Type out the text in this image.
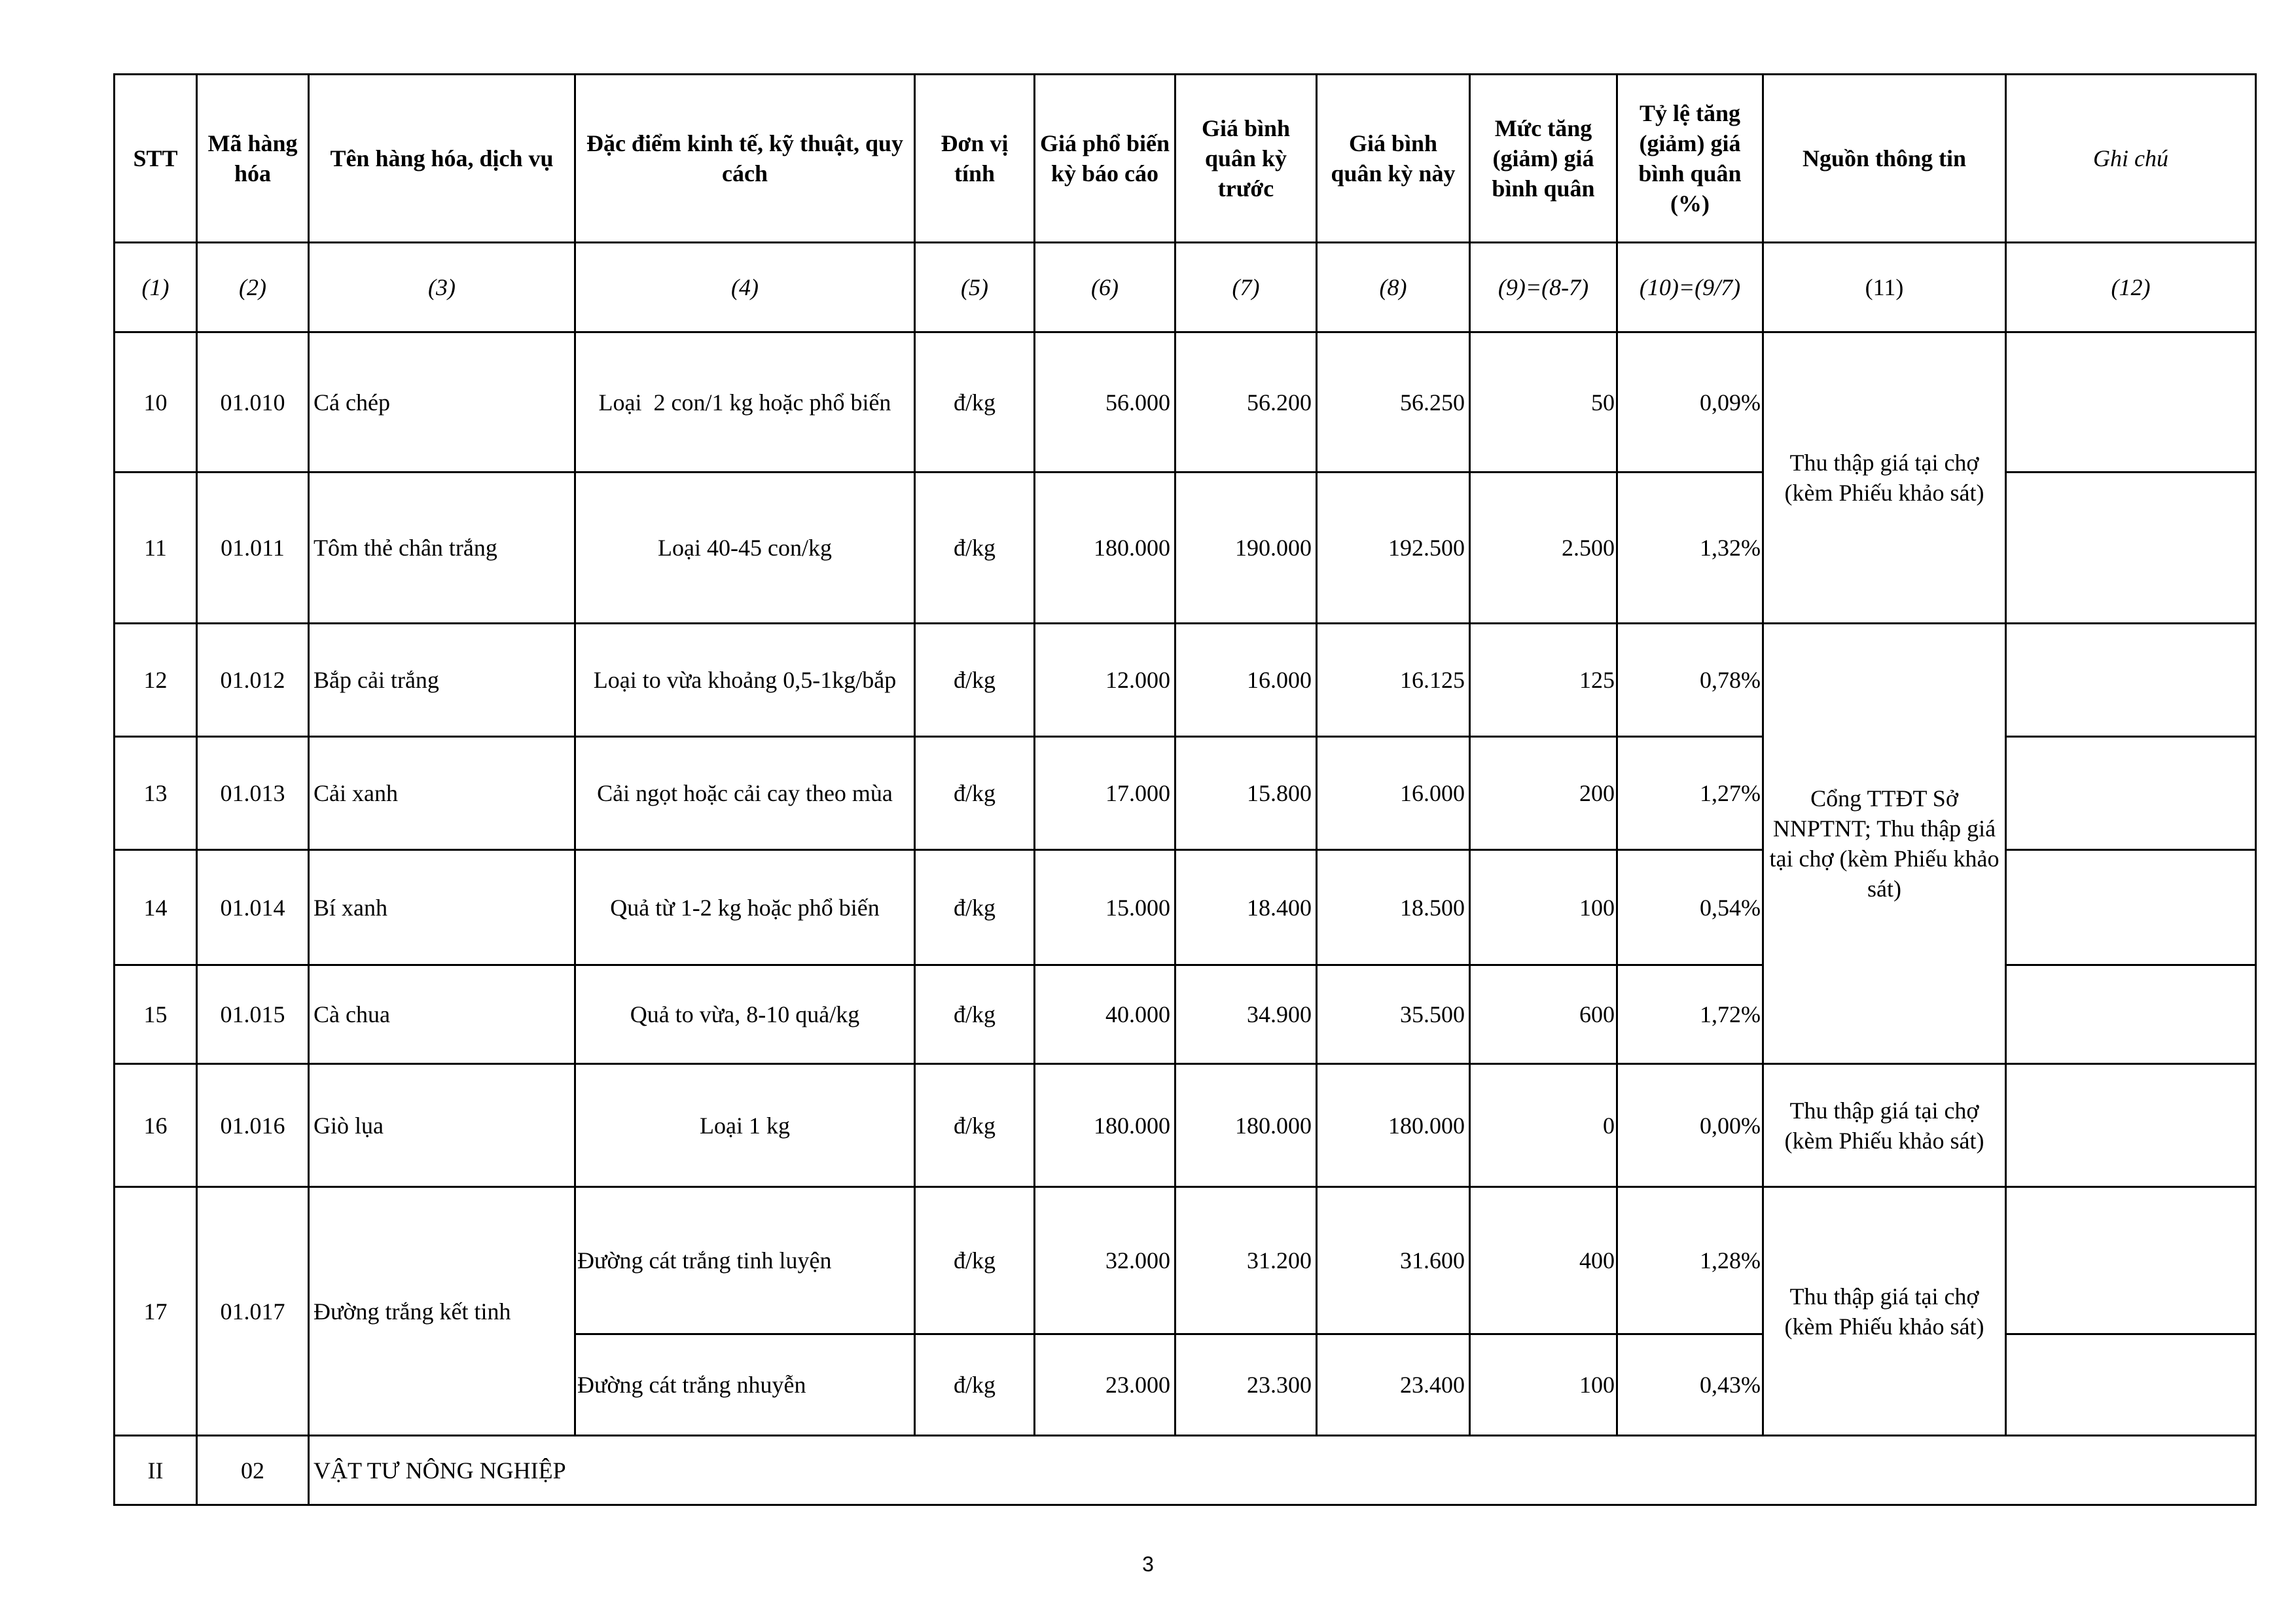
STT	Mã hàng hóa	Tên hàng hóa, dịch vụ	Đặc điểm kinh tế, kỹ thuật, quy cách	Đơn vị tính	Giá phổ biến kỳ báo cáo	Giá bình quân kỳ trước	Giá bình quân kỳ này	Mức tăng (giảm) giá bình quân	Tỷ lệ tăng (giảm) giá bình quân (%)	Nguồn thông tin	Ghi chú
(1)	(2)	(3)	(4)	(5)	(6)	(7)	(8)	(9)=(8-7)	(10)=(9/7)	(11)	(12)
10	01.010	Cá chép	Loại  2 con/1 kg hoặc phổ biến	đ/kg	56.000	56.200	56.250	50	0,09%	Thu thập giá tại chợ (kèm Phiếu khảo sát)	
11	01.011	Tôm thẻ chân trắng	Loại 40-45 con/kg	đ/kg	180.000	190.000	192.500	2.500	1,32%		
12	01.012	Bắp cải trắng	Loại to vừa khoảng 0,5-1kg/bắp	đ/kg	12.000	16.000	16.125	125	0,78%	Cổng TTĐT Sở NNPTNT; Thu thập giá tại chợ (kèm Phiếu khảo sát)	
13	01.013	Cải xanh	Cải ngọt hoặc cải cay theo mùa	đ/kg	17.000	15.800	16.000	200	1,27%		
14	01.014	Bí xanh	Quả từ 1-2 kg hoặc phổ biến	đ/kg	15.000	18.400	18.500	100	0,54%		
15	01.015	Cà chua	Quả to vừa, 8-10 quả/kg	đ/kg	40.000	34.900	35.500	600	1,72%		
16	01.016	Giò lụa	Loại 1 kg	đ/kg	180.000	180.000	180.000	0	0,00%	Thu thập giá tại chợ (kèm Phiếu khảo sát)	
17	01.017	Đường trắng kết tinh	Đường cát trắng tinh luyện	đ/kg	32.000	31.200	31.600	400	1,28%	Thu thập giá tại chợ (kèm Phiếu khảo sát)	
			Đường cát trắng nhuyễn	đ/kg	23.000	23.300	23.400	100	0,43%		
II	02	VẬT TƯ NÔNG NGHIỆP									
3
